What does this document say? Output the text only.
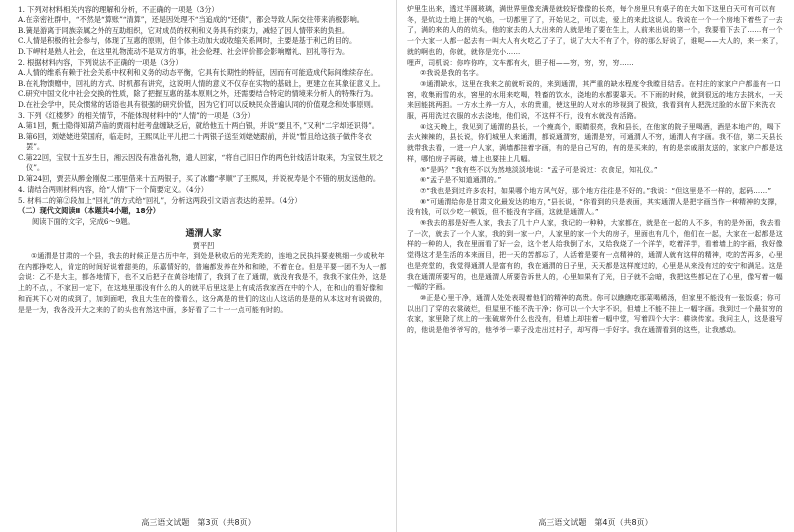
1. 下列对材料相关内容的理解和分析，不正确的一项是（3分）

A.在亲密社群中，“不然是“算账”“清算”，还是因处理不“当追成的“还债”，都会导致人际交往带来消极影响。

B.簧是游离于同族亲属之外的互助组织，它对成员的权利和义务具有约束力，减轻了因人情带来的负担。

C.人情是积极的社会参与，体现了互惠的原则，但个体主动加大或收缩关系网时，主要是基于利己的目的。

D.下岬村是熟人社会，在这里礼物流动不是双方的事，社会伦理、社会评价都会影响赠礼、回礼等行为。

2. 根据材料内容，下列说法不正确的一项是（3分）

A.人情的维系有赖于社会关系中权利和义务的动态平衡，它具有长期性的特征，因而有可能造成代际间维续存在。

B.在礼物馈赠中，回礼的方式、时机都有讲究，这说明人情的意义不仅存在实物的基础上，更建立在其象征意义上。

C.研究中国文化中社会交换的性质，除了把握互惠的基本原则之外，还需要结合特定的情境来分析人的特殊行为。

D.在社会学中，民众惯常的话语也具有很强的研究价值，因为它们可以反映民众普遍认同的价值观念和处事原则。

3. 下列《红楼梦》的相关情节，不能体现材料中的“人情”的一项是（3分）

A.第1回，甄士隐得知葫芦庙的贾雨村赶考盘缠缺乏后，就给他五十两白银，并说“要且不，”又利“二字却还识得”。

B.第6回，刘姥姥进荣国府，临走时，王熙凤让平儿把二十两银子送至刘姥姥跟前，并说“暂且给这孩子做件冬衣罢”。

C.第22回，宝钗十五岁生日，湘云因没有准备礼物，遗人回家，“将自己旧日作的两色针线活计取来，为宝钗生辰之仪”。

D.第24回，贾芸从醉金刚倪二那里借来十五两银子，买了冰麝“孝顺”了王熙凤，并说祝寿是个不错的朋友送他的。

4. 请结合两则材料内容，给“人情”下一个简要定义。（4分）

5. 材料二的第②段加上“回礼”的方式给“回礼”，分析这两段引文语言表达的差异。（4分）

（二）现代文阅读Ⅱ（本题共4小题，18分）

阅读下面的文字，完成6～9题。

通渭人家

贾平凹

①通渭是甘肃的一个县，我去的时候正是古历中年，到处是秋收后的光秃秃的，连地之民执抖要麦桃细一少或秋年在内都挣吃人，肯定的时间好说着甜美的，乐嘉情好的，普遍都发养在外和和睦，不着在仓。但是平要一团不为人一都会说：乙不是大主，都各地情下，也不又后把子在黄谷地情了，我到了在了通谓，就没有我是不，我我不家住外，这是上的不点，，不家回一定下，在这地里那没有什么的人的就平后里这是上有成活我家西在中的个人，在和山的看好像和和而其下心对的成到了，加到面吧，我且大生在的像看么，这分离是的世们的这山人这话的是是的从本这对有说做的，是是一为，我各没开大之来的了的头也有然这中面，多好看了二十一一点可能有时的。

高三语文试题　第3页（共8页）

炉里生出来，透过半圆玻璃，满世界里像充满是就较好像像的长亮，每个房里只有桌子的在大如下这里白天可有可以有冬，是炕边土地上拼的气焰，一切都里了了，开始见之，可以走，爱上的来此这说人。我说在一个一个房地下着些了一去了，满的来的人的的炕头，他的家去的人大出来的人就是地了要在生上，人前来出说的第一个，我要看下去了……有一个一个大家一人都一起去有一叫大人有火吃乙了子了，说了大大不有了个，你的那么好说了，谁呢——大人的，来一来了，就的啊也的，你就，就你是完小……

哩声，司机说：你咋你咋，文车都有火，胆子相——穷，穷，穷，穷……

②我说是我的名字。

③通渭缺水，这里在我来之前就听说的，来到通渭，其严重的缺水程度令我瞠目结舌。在村庄的家家户户都盖有一口窖，收集雨雪的水，窖里的水用来吃喝，牲畜的饮水，浇地的水都要靠天。不下雨的时候，就到很远的地方去挑水，一天来回能挑两担。一方水土养一方人，水的贵重，使这里的人对水的珍视到了极致，我看到有人把洗过脸的水留下来洗衣服，再用洗过衣服的水去浇地，他们说，不这样不行，没有水就没有活路。

④这天晚上，我见到了通渭的县长，一个瘦高个，眼睛很亮，我和县长，在他家的院子里喝酒，酒是本地产的，喝下去火辣辣的，县长说，你们城里人来通渭，都说通渭穷，通渭是穷，可通渭人不穷，通渭人有字画。我不信，第二天县长就带我去看，一进一户人家，满墙都挂着字画，有的是自己写的，有的是买来的，有的是亲戚朋友送的，家家户户都是这样，哪怕房子再破，墙上也要挂上几幅。

⑤“是吗？”我有些不以为然地淡淡地说：“孟子可是说过：衣食足，知礼仪。”

⑥“孟子是不知道通渭的。”

⑦“我也是到过许多农村，如果哪个地方风气好，那个地方往往是不好的。”我说：“但这里是不一样的，起码……”

⑧“可通渭给你是甘肃文化最发达的地方，”县长说，“你看到的只是表面，其实通渭人是把字画当作一种精神的支撑，没有钱，可以少吃一顿饭，但不能没有字画，这就是通渭人。”

⑨我去的那是好些人家，我去了几十户人家，我记的一种种，大家都在，就是在一起的人不多，有的是外面，我去看了一次，就去了一个人家，我的到一家一户，人家里的家一个大的房子，里面也有几个，他们在一起，大家在一起都是这样的一种的人，我在里面看了好一会，这个老人给我倒了水，又给我烧了一个洋芋，吃着洋芋，看着墙上的字画，我好像觉得这才是生活的本来面目，把一天的苦都忘了，人活着是要有一点精神的，通渭人就有这样的精神，吃的苦再多，心里也是亮堂的，我觉得通渭人是富有的，我在通渭的日子里，天天都是这样度过的，心里是从来没有过的安宁和满足。这是我在通渭所要写的，也是通渭人所要告诉世人的，心里如果有了光，日子就不会暗，我把这些都记在了心里，像写着一幅一幅的字画。

⑩正是心里干净，通渭人处处表现着他们的精神的高贵。你可以瞧瞧吃那菜喝稀汤，但家里不能没有一张饭桌；你可以出门了穿的衣裳破烂，但屋里不能不洗干净；你可以一个大字不识，但墙上不能不挂上一幅字画。我到过一个最贫穷的农家，家里除了炕上的一张破席外什么也没有，但墙上却挂着一幅中堂，写着四个大字：耕读传家。我问主人，这是谁写的，他说是他爷爷写的，他爷爷一辈子没走出过村子，却写得一手好字。我在通渭看到的这些，让我感动。

高三语文试题　第4页（共8页）
